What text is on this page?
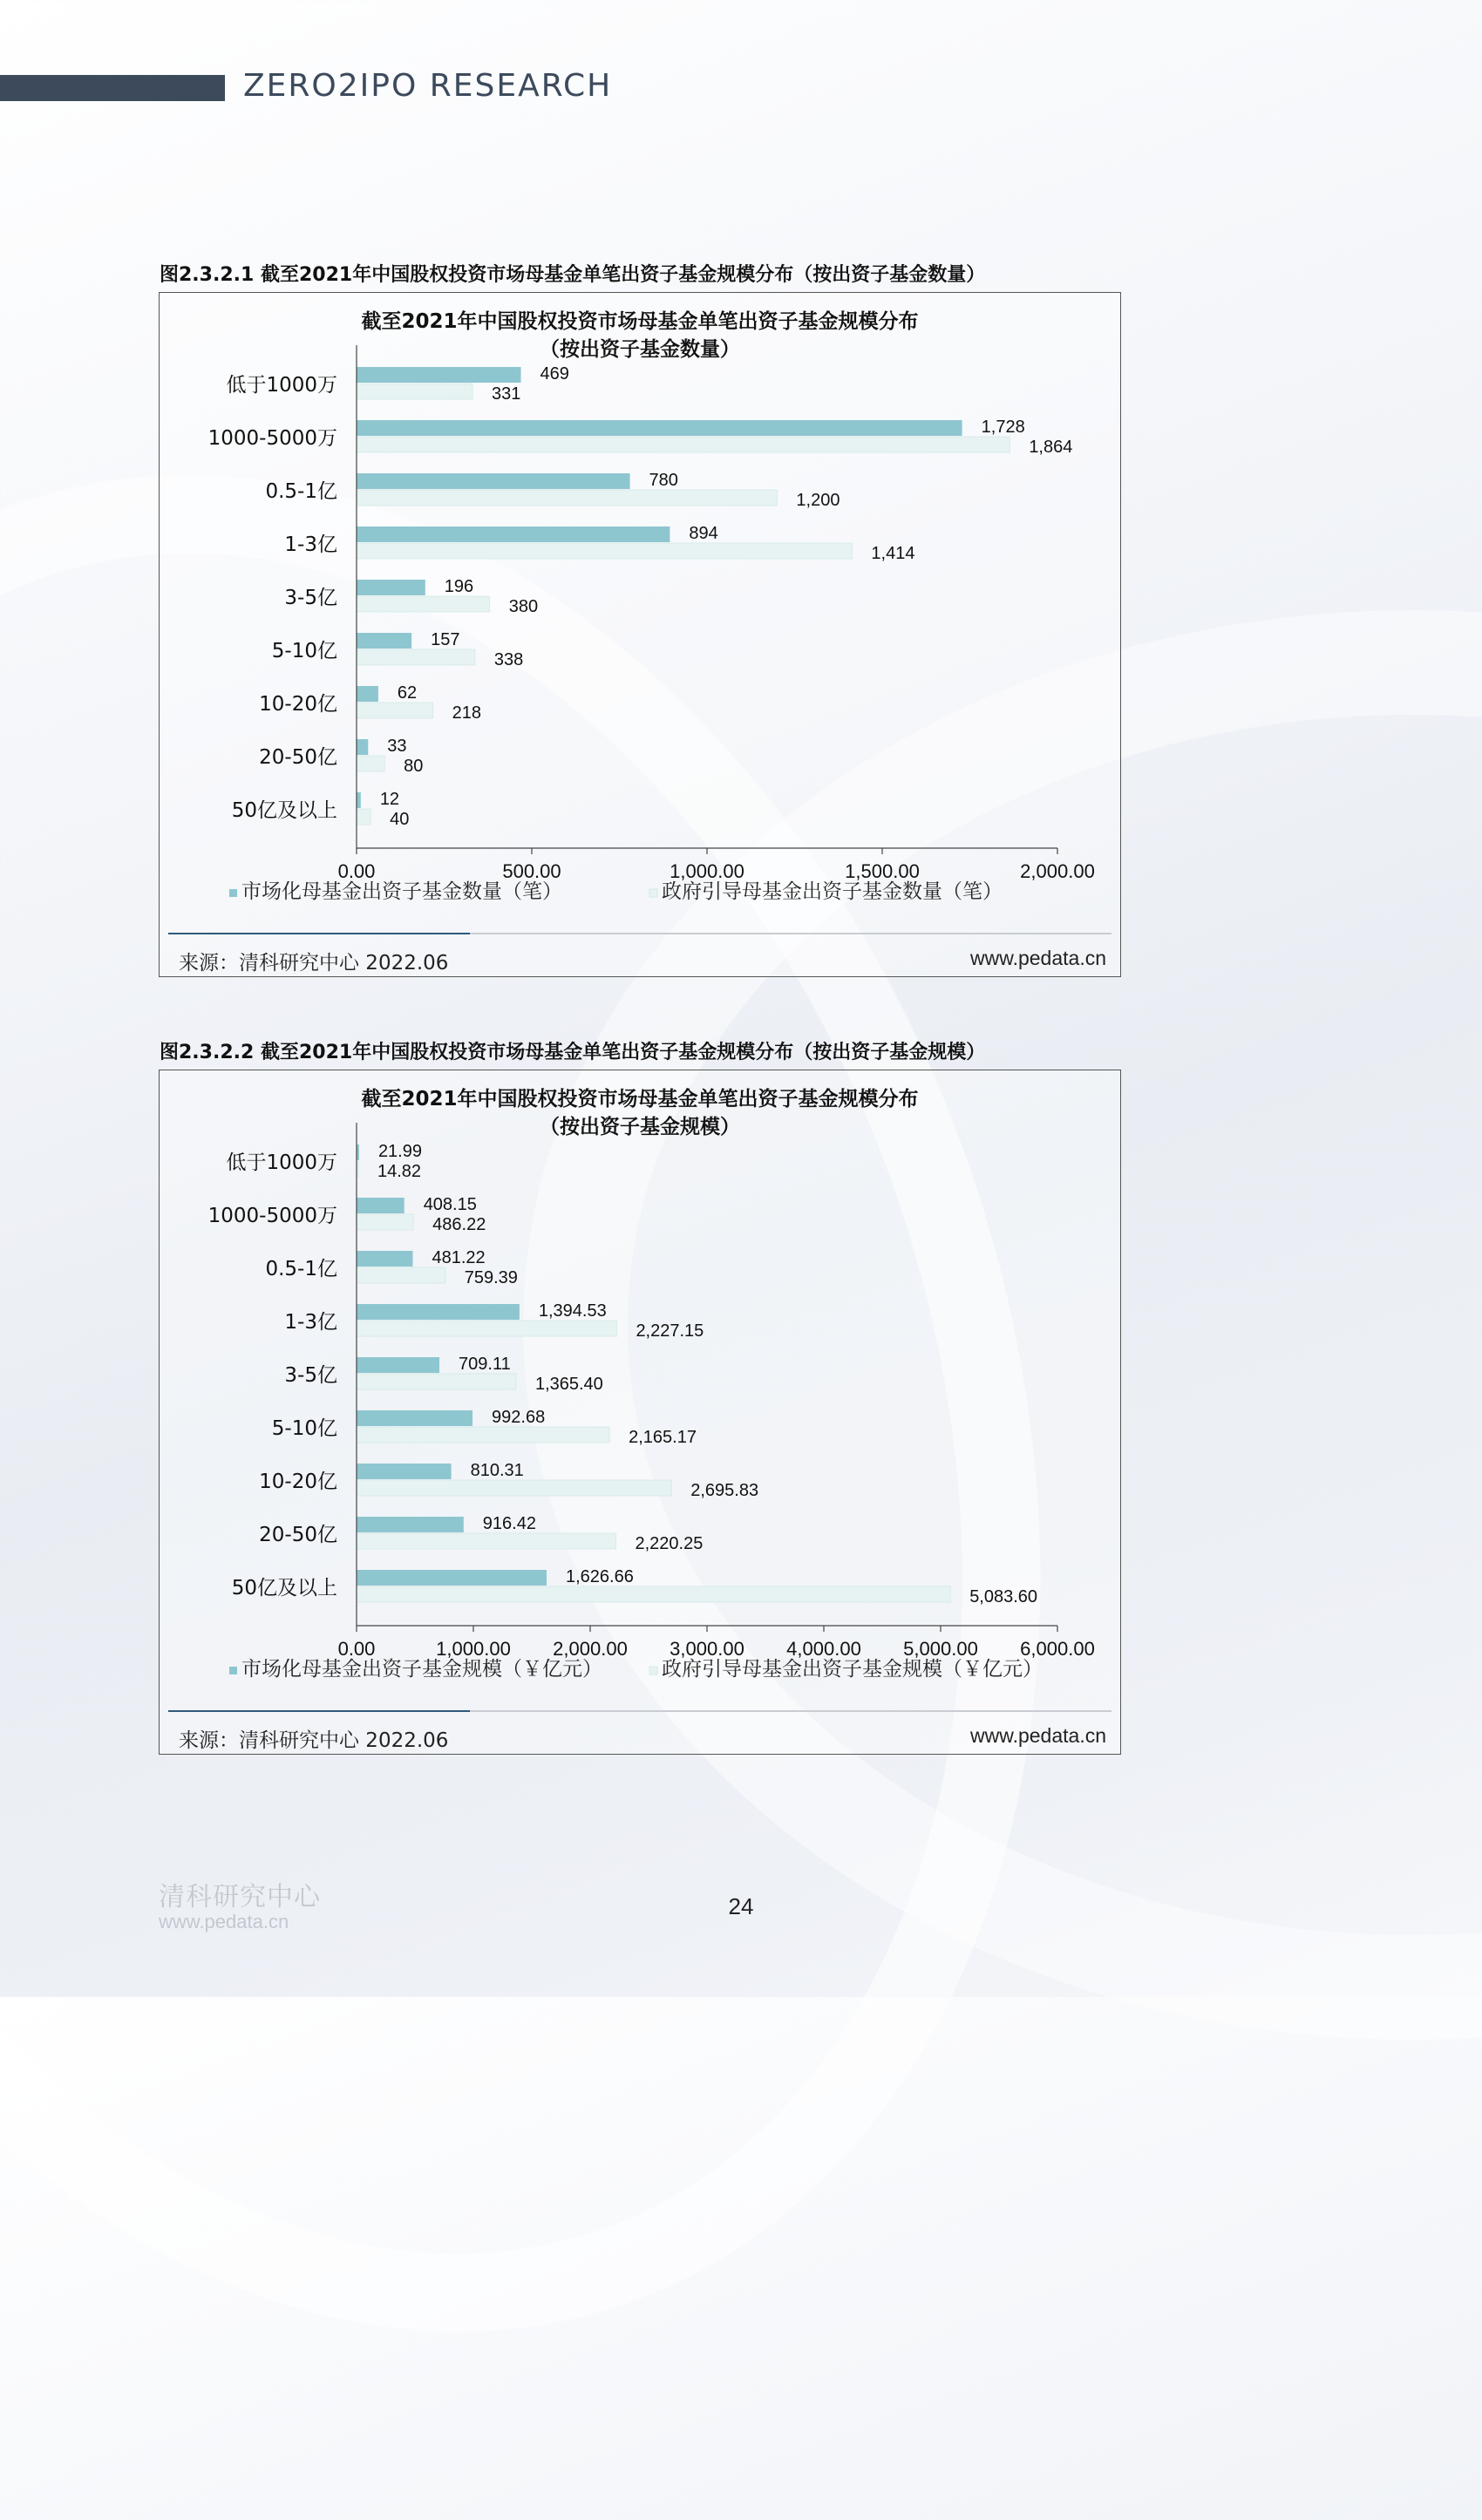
ZERO2IPO RESEARCH
图2.3.2.1 截至2021年中国股权投资市场母基金单笔出资子基金规模分布（按出资子基金数量）
截至2021年中国股权投资市场母基金单笔出资子基金规模分布
（按出资子基金数量）
低于1000万	469
331
1000-5000万	1,728
1,864
0.5-1亿	780
1,200
1-3亿	894
1,414
3-5亿	196
380
5-10亿	157
338
10-20亿	62
218
20-50亿	33
80
50亿及以上 12
40
0.00	500.00	1,000.00	1,500.00	2,000.00
市场化母基金出资子基金数量（笔）	政府引导母基金出资子基金数量（笔）
来源：清科研究中心 2022.06	www.pedata.cn
图2.3.2.2 截至2021年中国股权投资市场母基金单笔出资子基金规模分布（按出资子基金规模）
截至2021年中国股权投资市场母基金单笔出资子基金规模分布
（按出资子基金规模）
低于1000万 21.99
14.82
1000-5000万	408.15
486.22
0.5-1亿	481.22
759.39
1-3亿	1,394.53
2,227.15
3-5亿	709.11
1,365.40
5-10亿	992.68
2,165.17
10-20亿	810.31
2,695.83
20-50亿	916.42
2,220.25
50亿及以上	1,626.66
5,083.60
0.00	1,000.00 2,000.00 3,000.00 4,000.00 5,000.00 6,000.00
市场化母基金出资子基金规模（￥亿元）	政府引导母基金出资子基金规模（￥亿元）
来源：清科研究中心 2022.06	www.pedata.cn
清科研究中心
www.pedata.cn
24
